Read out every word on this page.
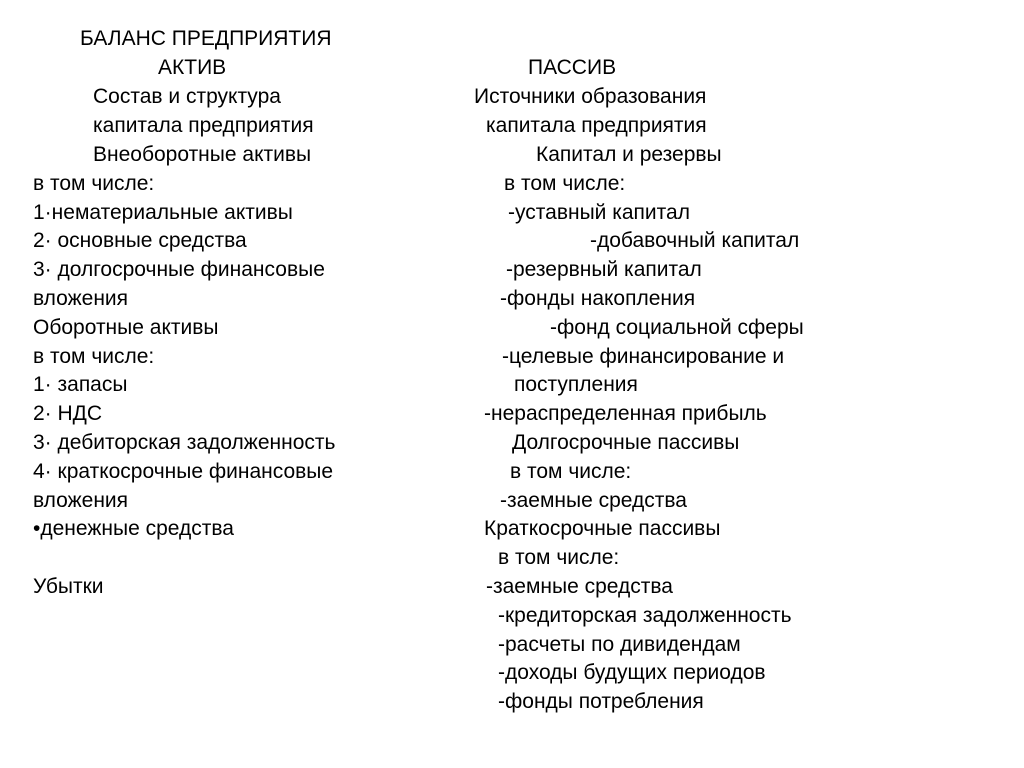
БАЛАНС ПРЕДПРИЯТИЯ
АКТИВ
Состав и структура
капитала предприятия
Внеоборотные активы
в том числе:
1·нематериальные активы
2· основные средства
3· долгосрочные финансовые
вложения
Оборотные активы
в том числе:
1· запасы
2· НДС
3· дебиторская задолженность
4· краткосрочные финансовые
вложения
•денежные средства
Убытки
ПАССИВ
Источники образования
капитала предприятия
Капитал и резервы
в том числе:
-уставный капитал
-добавочный капитал
-резервный капитал
-фонды накопления
-фонд социальной сферы
-целевые финансирование и
поступления
-нераспределенная прибыль
Долгосрочные пассивы
в том числе:
-заемные средства
Краткосрочные пассивы
в том числе:
-заемные средства
-кредиторская задолженность
-расчеты по дивидендам
-доходы будущих периодов
-фонды потребления
